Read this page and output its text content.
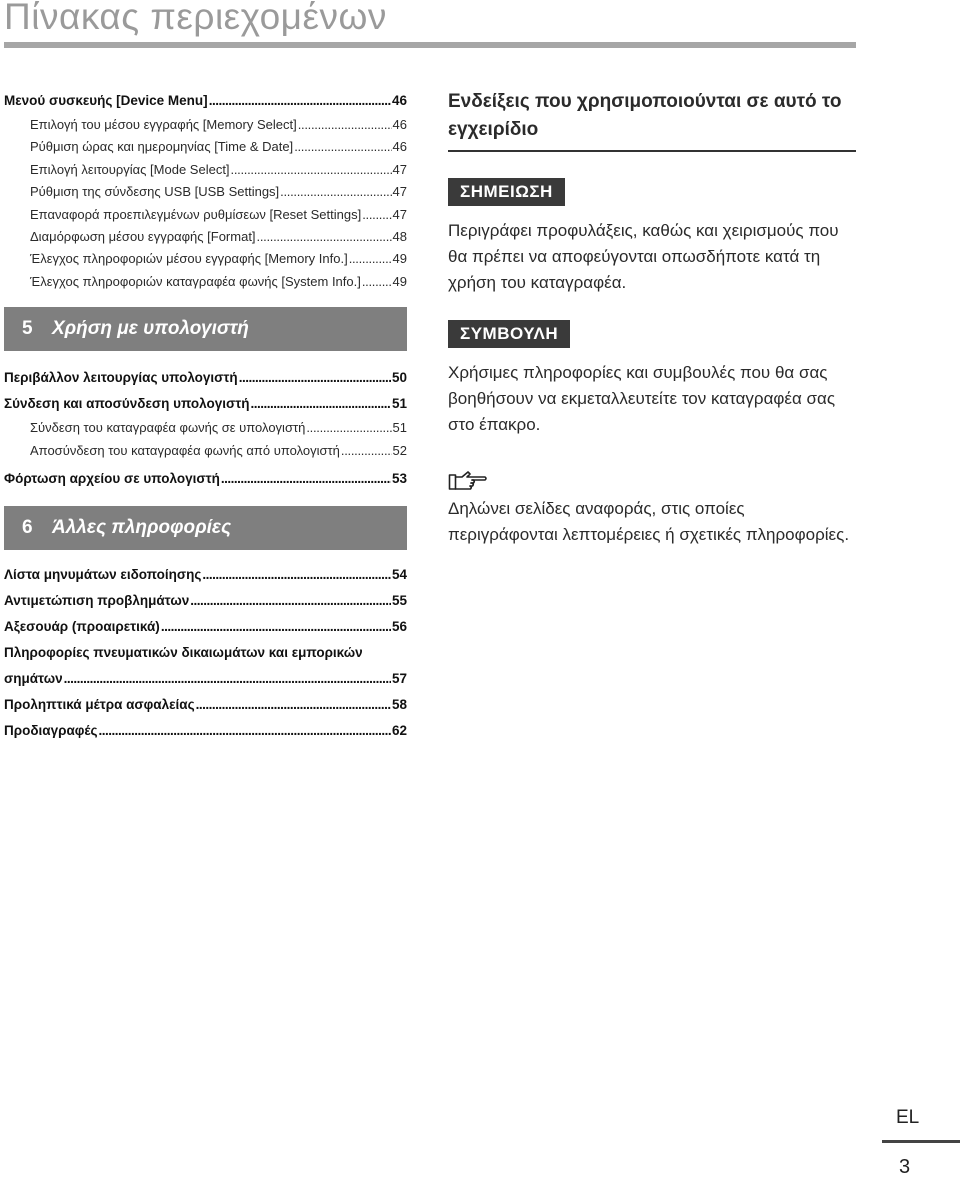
Πίνακας περιεχομένων
Μενού συσκευής [Device Menu] .....	46
Επιλογή του μέσου εγγραφής [Memory Select] .....	46
Ρύθμιση ώρας και ημερομηνίας [Time & Date] .....	46
Επιλογή λειτουργίας [Mode Select] .....	47
Ρύθμιση της σύνδεσης USB [USB Settings] .....	47
Επαναφορά προεπιλεγμένων ρυθμίσεων [Reset Settings] ..... 47
Διαμόρφωση μέσου εγγραφής [Format] .....	48
Έλεγχος πληροφοριών μέσου εγγραφής [Memory Info.] .....	49
Έλεγχος πληροφοριών καταγραφέα φωνής [System Info.] ..... 49
5	Χρήση με υπολογιστή
Περιβάλλον λειτουργίας υπολογιστή .....	50
Σύνδεση και αποσύνδεση υπολογιστή .....	51
Σύνδεση του καταγραφέα φωνής σε υπολογιστή .....	51
Αποσύνδεση του καταγραφέα φωνής από υπολογιστή .....	52
Φόρτωση αρχείου σε υπολογιστή .....	53
6	Άλλες πληροφορίες
Λίστα μηνυμάτων ειδοποίησης .....	54
Αντιμετώπιση προβλημάτων .....	55
Αξεσουάρ (προαιρετικά) .....	56
Πληροφορίες πνευματικών δικαιωμάτων και εμπορικών
σημάτων .....	57
Προληπτικά μέτρα ασφαλείας .....	58
Προδιαγραφές .....	62
Ενδείξεις που χρησιμοποιούνται σε αυτό το εγχειρίδιο
ΣΗΜΕΙΩΣΗ
Περιγράφει προφυλάξεις, καθώς και χειρισμούς που θα πρέπει να αποφεύγονται οπωσδήποτε κατά τη χρήση του καταγραφέα.
ΣΥΜΒΟΥΛΗ
Χρήσιμες πληροφορίες και συμβουλές που θα σας βοηθήσουν να εκμεταλλευτείτε τον καταγραφέα σας στο έπακρο.
Δηλώνει σελίδες αναφοράς, στις οποίες περιγράφονται λεπτομέρειες ή σχετικές πληροφορίες.
EL
3
